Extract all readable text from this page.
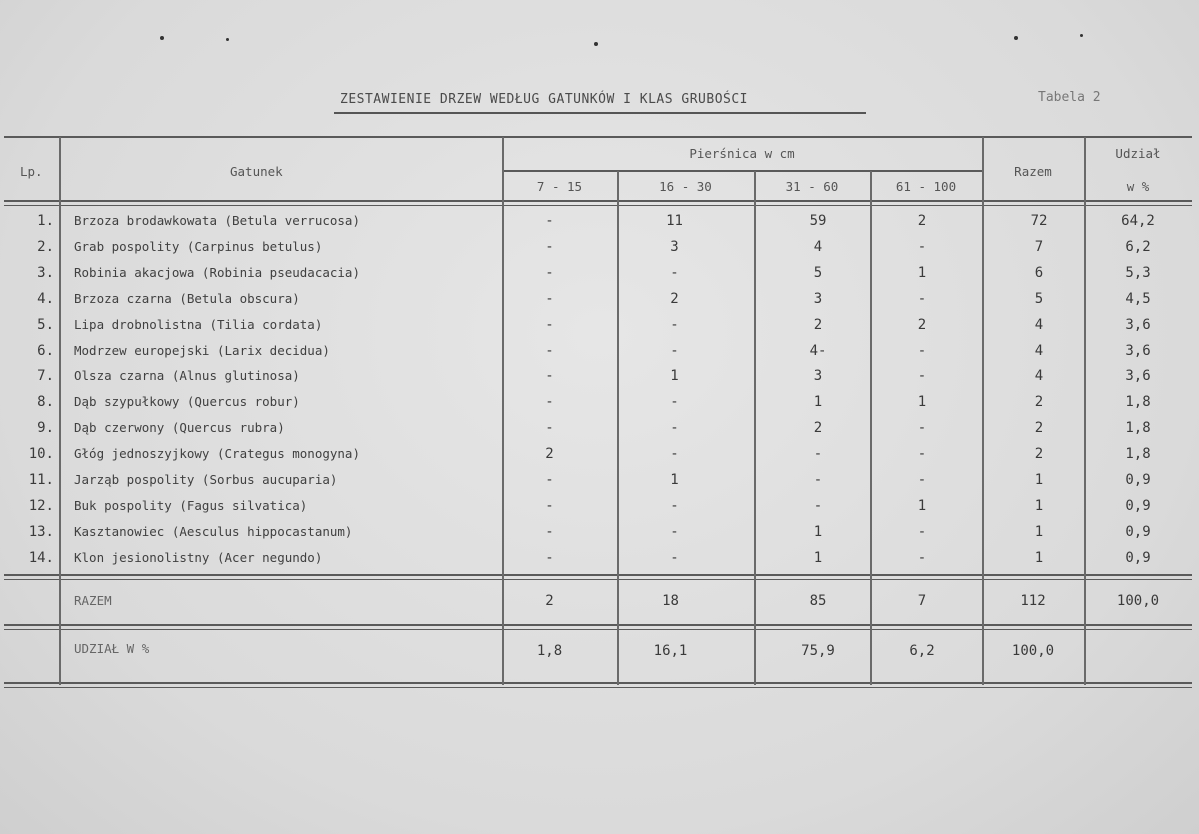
ZESTAWIENIE DRZEW WEDŁUG GATUNKÓW I KLAS GRUBOŚCI	Tabela 2
Lp.	Gatunek
Pierśnica w cm
7 - 15	16 - 30	31 - 60	61 - 100
Razem
Udział
w %
1. Brzoza brodawkowata (Betula verrucosa)	-	11	59	2	72	64,2
2. Grab pospolity (Carpinus betulus)	-	3	4	-	7	6,2
3. Robinia akacjowa (Robinia pseudacacia)	-	-	5	1	6	5,3
4. Brzoza czarna (Betula obscura)	-	2	3	-	5	4,5
5. Lipa drobnolistna (Tilia cordata)	-	-	2	2	4	3,6
6. Modrzew europejski (Larix decidua)	-	-	4-	-	4	3,6
7. Olsza czarna (Alnus glutinosa)	-	1	3	-	4	3,6
8. Dąb szypułkowy (Quercus robur)	-	-	1	1	2	1,8
9. Dąb czerwony (Quercus rubra)	-	-	2	-	2	1,8
10. Głóg jednoszyjkowy (Crategus monogyna)	2	-	-	-	2	1,8
11. Jarząb pospolity (Sorbus aucuparia)	-	1	-	-	1	0,9
12. Buk pospolity (Fagus silvatica)	-	-	-	1	1	0,9
13. Kasztanowiec (Aesculus hippocastanum)	-	-	1	-	1	0,9
14. Klon jesionolistny (Acer negundo)	-	-	1	-	1	0,9
RAZEM	2	18	85	7	112	100,0
UDZIAŁ W %	1,8	16,1	75,9	6,2	100,0
